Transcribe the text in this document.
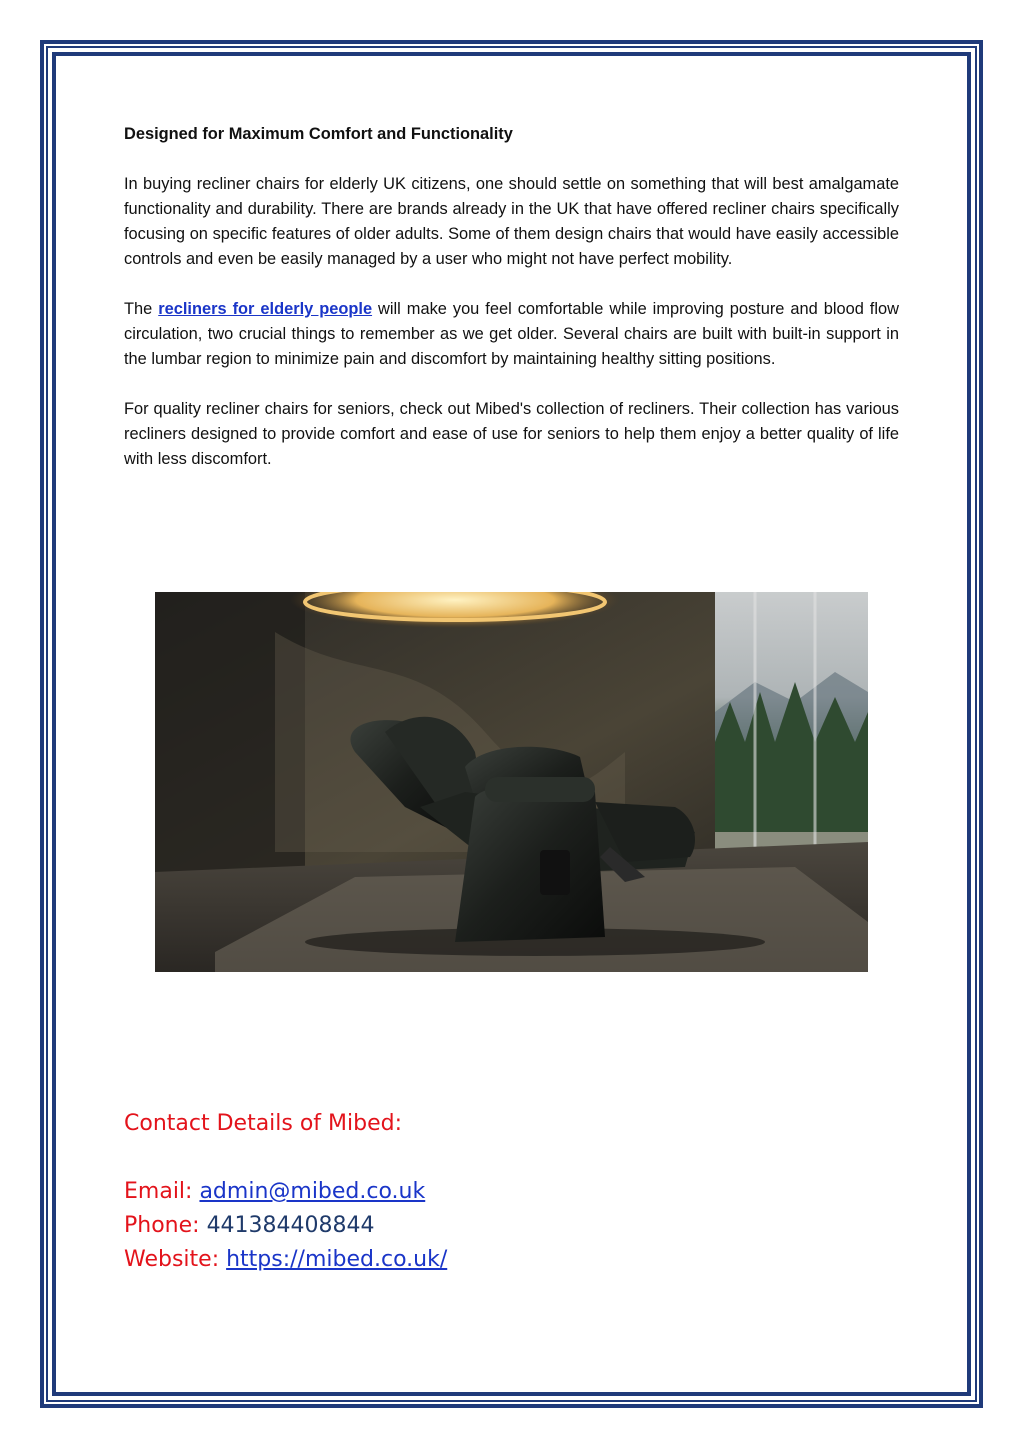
Designed for Maximum Comfort and Functionality

In buying recliner chairs for elderly UK citizens, one should settle on something that will best amalgamate functionality and durability. There are brands already in the UK that have offered recliner chairs specifically focusing on specific features of older adults. Some of them design chairs that would have easily accessible controls and even be easily managed by a user who might not have perfect mobility.

The recliners for elderly people will make you feel comfortable while improving posture and blood flow circulation, two crucial things to remember as we get older. Several chairs are built with built-in support in the lumbar region to minimize pain and discomfort by maintaining healthy sitting positions.

For quality recliner chairs for seniors, check out Mibed's collection of recliners. Their collection has various recliners designed to provide comfort and ease of use for seniors to help them enjoy a better quality of life with less discomfort.

Contact Details of Mibed:
Email: admin@mibed.co.uk
Phone: 441384408844
Website: https://mibed.co.uk/
